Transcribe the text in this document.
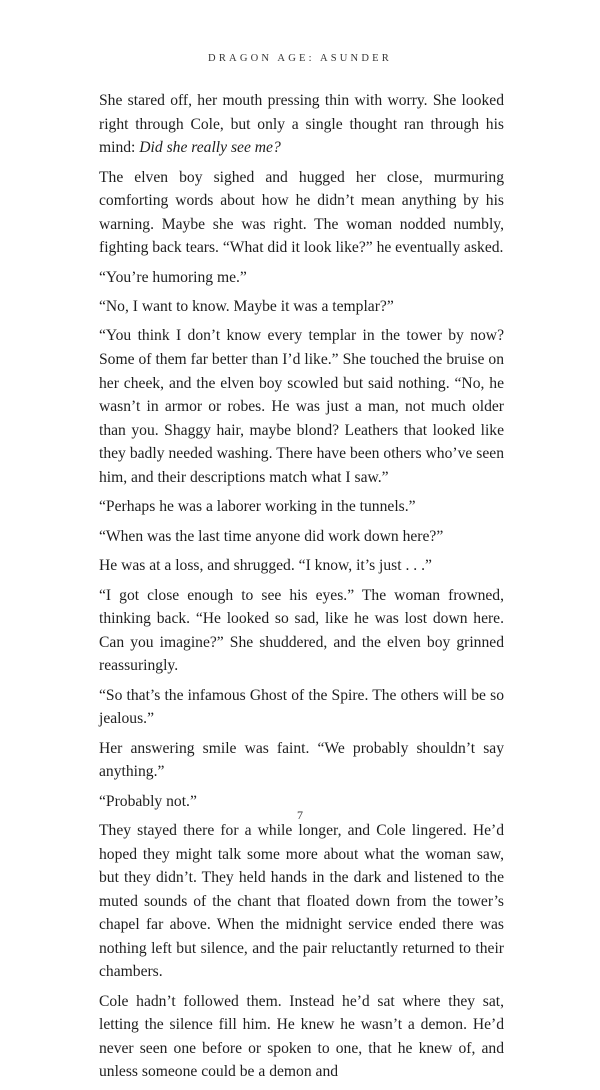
DRAGON AGE: ASUNDER

She stared off, her mouth pressing thin with worry. She looked right through Cole, but only a single thought ran through his mind: Did she really see me?

The elven boy sighed and hugged her close, murmuring comforting words about how he didn’t mean anything by his warning. Maybe she was right. The woman nodded numbly, fighting back tears. “What did it look like?” he eventually asked.

“You’re humoring me.”

“No, I want to know. Maybe it was a templar?”

“You think I don’t know every templar in the tower by now? Some of them far better than I’d like.” She touched the bruise on her cheek, and the elven boy scowled but said nothing. “No, he wasn’t in armor or robes. He was just a man, not much older than you. Shaggy hair, maybe blond? Leathers that looked like they badly needed washing. There have been others who’ve seen him, and their descriptions match what I saw.”

“Perhaps he was a laborer working in the tunnels.”

“When was the last time anyone did work down here?”

He was at a loss, and shrugged. “I know, it’s just . . .”

“I got close enough to see his eyes.” The woman frowned, thinking back. “He looked so sad, like he was lost down here. Can you imagine?” She shuddered, and the elven boy grinned reassuringly.

“So that’s the infamous Ghost of the Spire. The others will be so jealous.”

Her answering smile was faint. “We probably shouldn’t say anything.”

“Probably not.”

They stayed there for a while longer, and Cole lingered. He’d hoped they might talk some more about what the woman saw, but they didn’t. They held hands in the dark and listened to the muted sounds of the chant that floated down from the tower’s chapel far above. When the midnight service ended there was nothing left but silence, and the pair reluctantly returned to their chambers.

Cole hadn’t followed them. Instead he’d sat where they sat, letting the silence fill him. He knew he wasn’t a demon. He’d never seen one before or spoken to one, that he knew of, and unless someone could be a demon and

7
